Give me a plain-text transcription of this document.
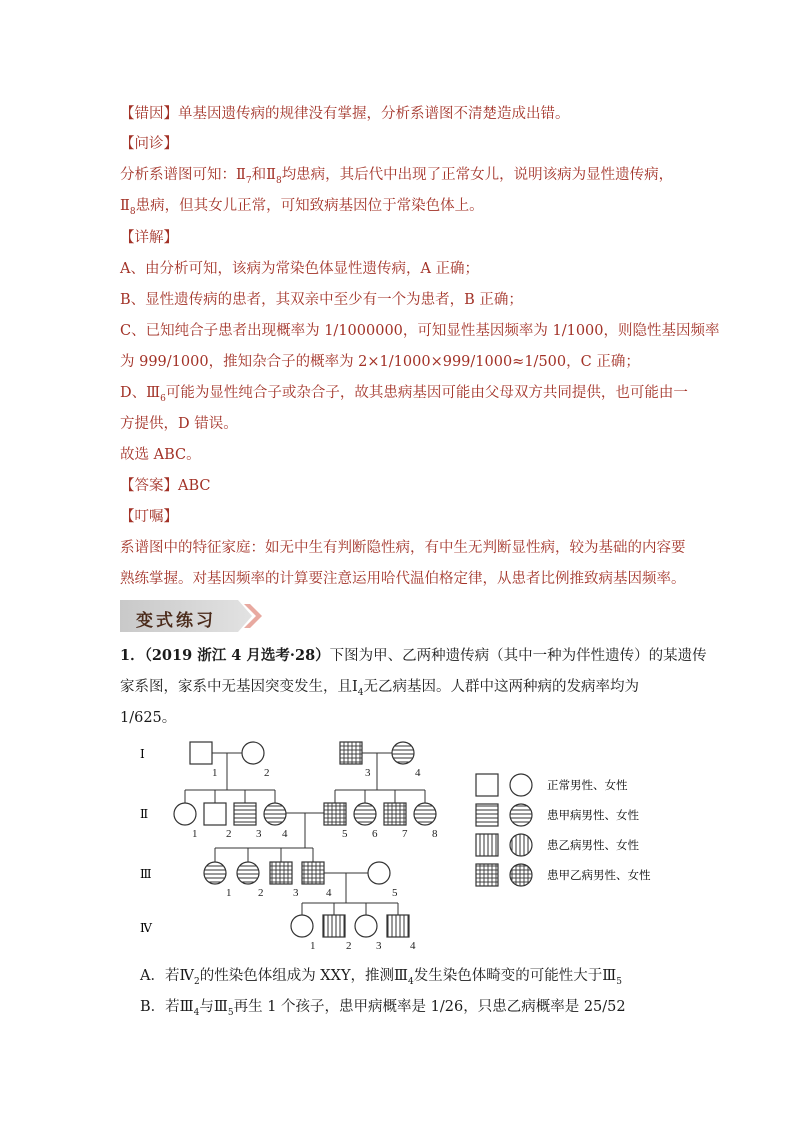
【错因】单基因遗传病的规律没有掌握，分析系谱图不清楚造成出错。
【问诊】
分析系谱图可知：$Ⅱ_7$和$Ⅱ_8$均患病，其后代中出现了正常女儿，说明该病为显性遗传病，
$Ⅱ_8$患病，但其女儿正常，可知致病基因位于常染色体上。
【详解】
A、由分析可知，该病为常染色体显性遗传病，A 正确；
B、显性遗传病的患者，其双亲中至少有一个为患者，B 正确；
C、已知纯合子患者出现概率为 1/1000000，可知显性基因频率为 1/1000，则隐性基因频率
为 999/1000，推知杂合子的概率为 2×1/1000×999/1000≈1/500，C 正确；
D、$Ⅲ_6$可能为显性纯合子或杂合子，故其患病基因可能由父母双方共同提供，也可能由一
方提供，D 错误。
故选 ABC。
【答案】ABC
【叮嘱】
系谱图中的特征家庭：如无中生有判断隐性病，有中生无判断显性病，较为基础的内容要
熟练掌握。对基因频率的计算要注意运用哈代温伯格定律，从患者比例推致病基因频率。
变式练习
1．（2019 浙江 4 月选考·28）下图为甲、乙两种遗传病（其中一种为伴性遗传）的某遗传
家系图，家系中无基因突变发生，且$Ⅰ_4$无乙病基因。人群中这两种病的发病率均为
1/625。
Ⅰ
Ⅱ
Ⅲ
Ⅳ
1	2	3	4
1	2 3 4	5 6 7 8
1 2	3	4	5
1	2 3	4
正常男性、女性
患甲病男性、女性
患乙病男性、女性
患甲乙病男性、女性
A．若$Ⅳ_2$的性染色体组成为 XXY，推测$Ⅲ_4$发生染色体畸变的可能性大于$Ⅲ_5$
B．若$Ⅲ_4$与$Ⅲ_5$再生 1 个孩子，患甲病概率是 1/26，只患乙病概率是 25/52
